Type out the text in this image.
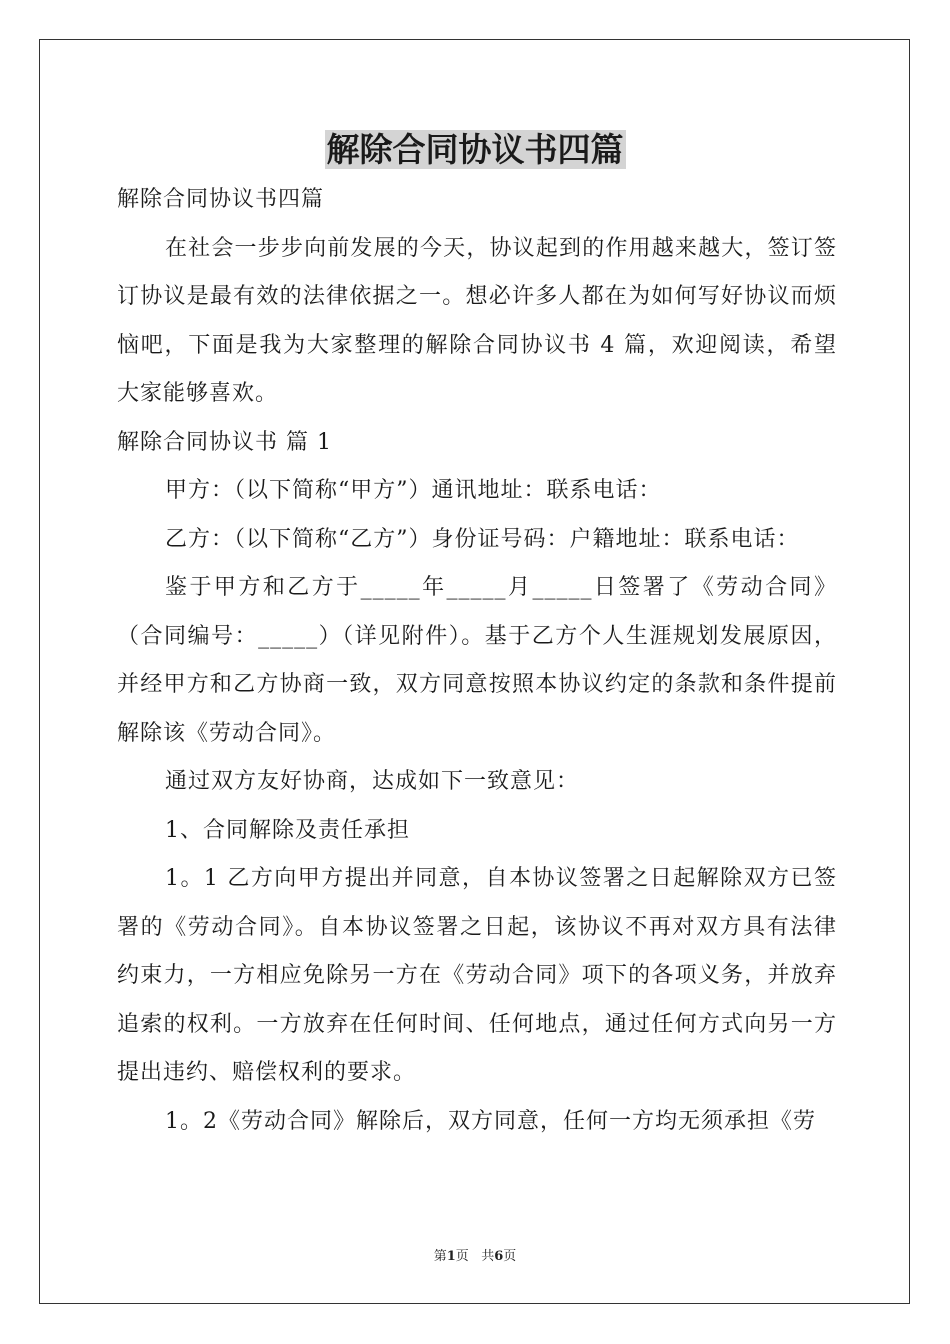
解除合同协议书四篇

解除合同协议书四篇

在社会一步步向前发展的今天，协议起到的作用越来越大，签订签订协议是最有效的法律依据之一。想必许多人都在为如何写好协议而烦恼吧，下面是我为大家整理的解除合同协议书 4 篇，欢迎阅读，希望大家能够喜欢。

解除合同协议书 篇 1

甲方：（以下简称“甲方”）通讯地址：联系电话：

乙方：（以下简称“乙方”）身份证号码：户籍地址：联系电话：

鉴于甲方和乙方于_____年_____月_____日签署了《劳动合同》（合同编号：_____）（详见附件）。基于乙方个人生涯规划发展原因，并经甲方和乙方协商一致，双方同意按照本协议约定的条款和条件提前解除该《劳动合同》。

通过双方友好协商，达成如下一致意见：

1、合同解除及责任承担

1。1 乙方向甲方提出并同意，自本协议签署之日起解除双方已签署的《劳动合同》。自本协议签署之日起，该协议不再对双方具有法律约束力，一方相应免除另一方在《劳动合同》项下的各项义务，并放弃追索的权利。一方放弃在任何时间、任何地点，通过任何方式向另一方提出违约、赔偿权利的要求。

1。2《劳动合同》解除后，双方同意，任何一方均无须承担《劳

第1页 共6页
